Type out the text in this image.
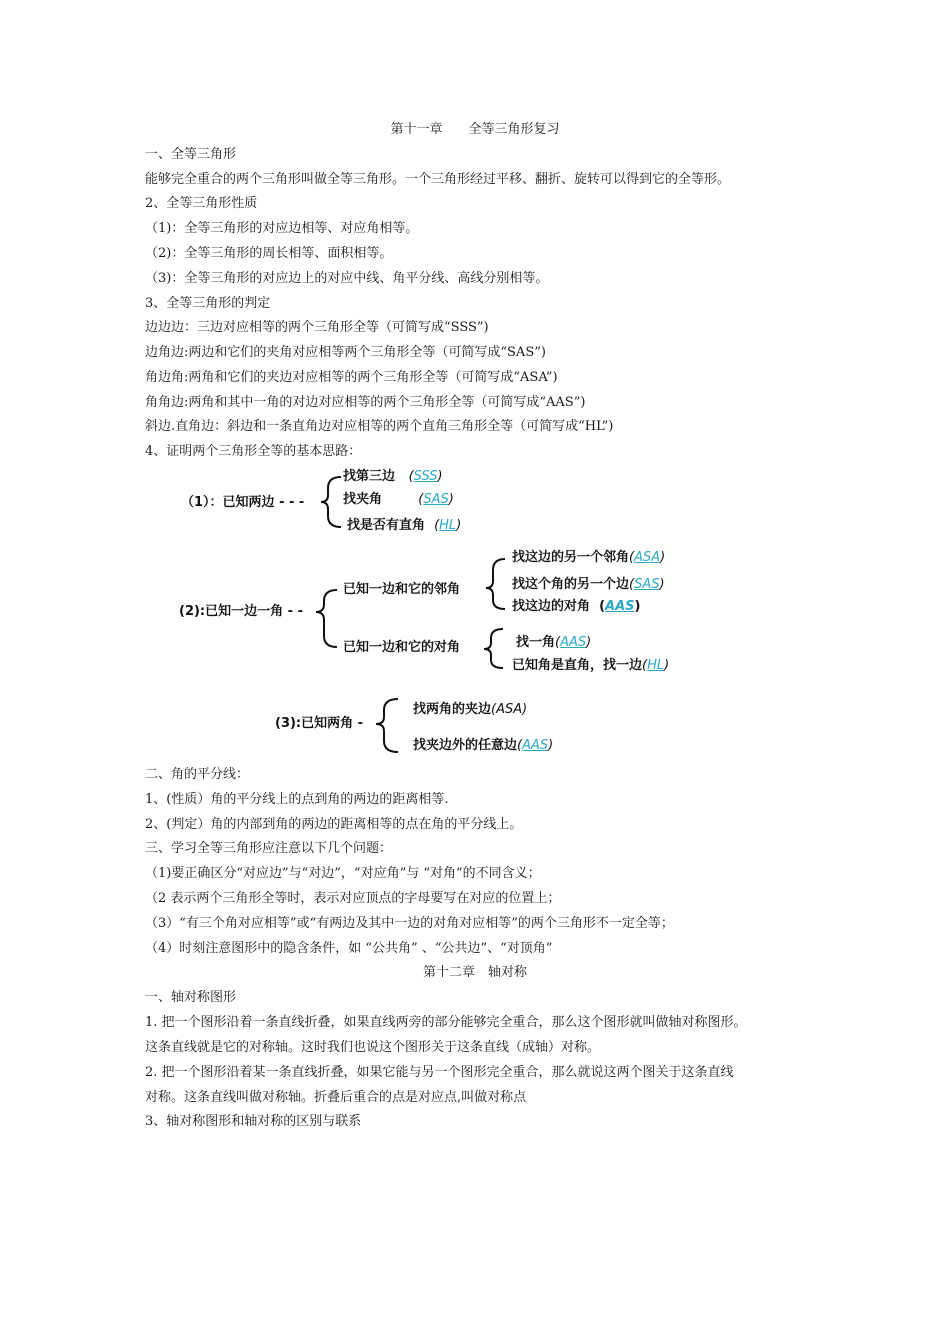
第十一章 全等三角形复习
一、全等三角形
能够完全重合的两个三角形叫做全等三角形。一个三角形经过平移、翻折、旋转可以得到它的全等形。
2、全等三角形性质
（1)：全等三角形的对应边相等、对应角相等。
（2)：全等三角形的周长相等、面积相等。
（3)：全等三角形的对应边上的对应中线、角平分线、高线分别相等。
3、全等三角形的判定
边边边：三边对应相等的两个三角形全等（可简写成“SSS”)
边角边:两边和它们的夹角对应相等两个三角形全等（可简写成“SAS”)
角边角:两角和它们的夹边对应相等的两个三角形全等（可简写成“ASA”)
角角边:两角和其中一角的对边对应相等的两个三角形全等（可简写成“AAS”)
斜边.直角边：斜边和一条直角边对应相等的两个直角三角形全等（可简写成“HL”)
4、证明两个三角形全等的基本思路：
（1）：已知两边 - - -
找第三边 (SSS)
找夹角	(SAS)
找是否有直角 (HL)
(2):已知一边一角 - -
已知一边和它的邻角
找这边的另一个邻角(ASA)
找这个角的另一个边(SAS)
找这边的对角 (AAS)
已知一边和它的对角	找一角(AAS)
已知角是直角，找一边(HL)
(3):已知两角 -
找两角的夹边(ASA)
找夹边外的任意边(AAS)
二、角的平分线：
1、(性质）角的平分线上的点到角的两边的距离相等.
2、(判定）角的内部到角的两边的距离相等的点在角的平分线上。
三、学习全等三角形应注意以下几个问题：
（1)要正确区分“对应边”与“对边”，“对应角”与 “对角”的不同含义；
（2 表示两个三角形全等时，表示对应顶点的字母要写在对应的位置上；
（3）“有三个角对应相等”或“有两边及其中一边的对角对应相等”的两个三角形不一定全等；
（4）时刻注意图形中的隐含条件，如 “公共角” 、“公共边”、“对顶角”
第十二章　轴对称
一、轴对称图形
1. 把一个图形沿着一条直线折叠，如果直线两旁的部分能够完全重合，那么这个图形就叫做轴对称图形。
这条直线就是它的对称轴。这时我们也说这个图形关于这条直线（成轴）对称。
2. 把一个图形沿着某一条直线折叠，如果它能与另一个图形完全重合，那么就说这两个图关于这条直线
对称。这条直线叫做对称轴。折叠后重合的点是对应点,叫做对称点
3、轴对称图形和轴对称的区别与联系
